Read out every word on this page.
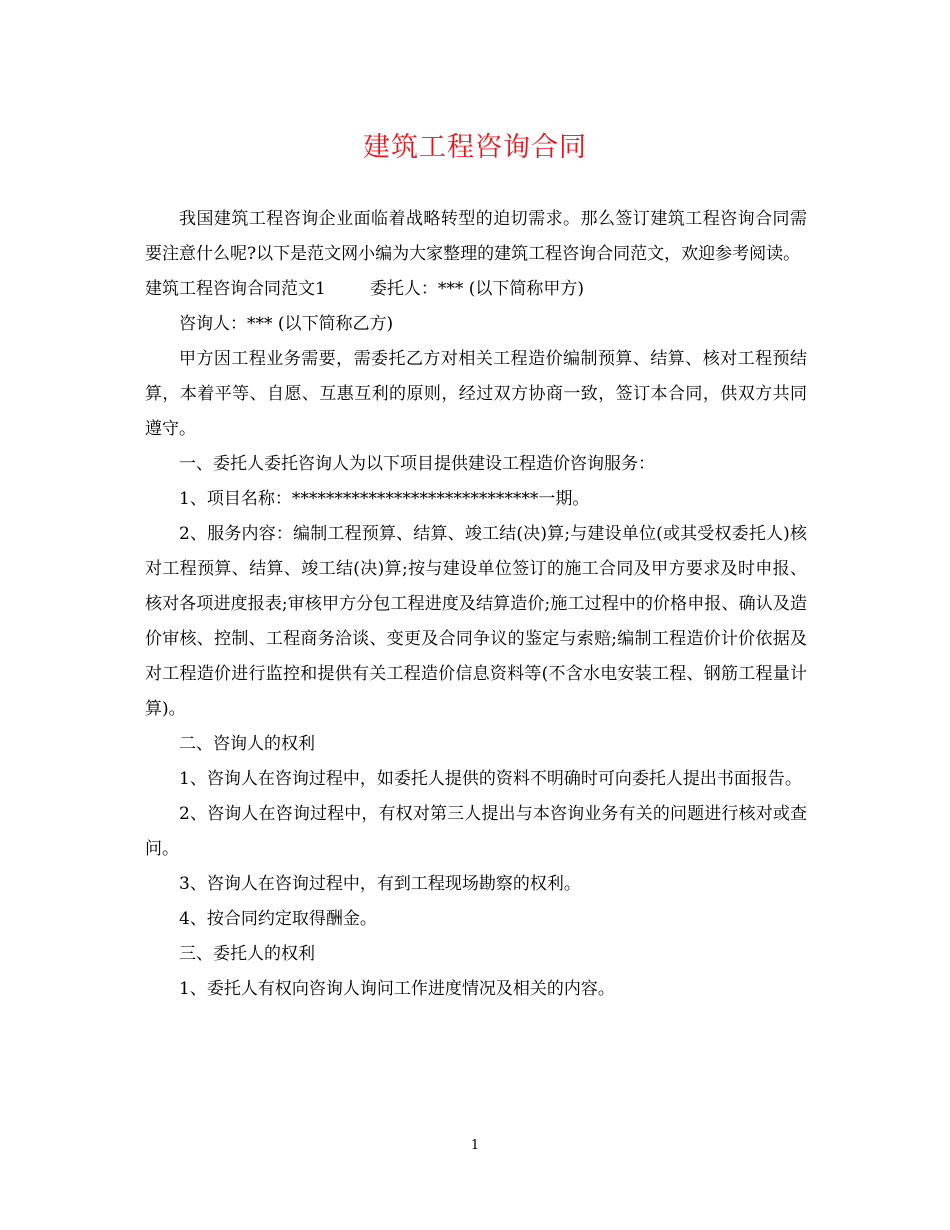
建筑工程咨询合同

我国建筑工程咨询企业面临着战略转型的迫切需求。那么签订建筑工程咨询合同需要注意什么呢?以下是范文网小编为大家整理的建筑工程咨询合同范文，欢迎参考阅读。

建筑工程咨询合同范文1	委托人：*** (以下简称甲方)

咨询人：*** (以下简称乙方)

甲方因工程业务需要，需委托乙方对相关工程造价编制预算、结算、核对工程预结算，本着平等、自愿、互惠互利的原则，经过双方协商一致，签订本合同，供双方共同遵守。

一、委托人委托咨询人为以下项目提供建设工程造价咨询服务：

1、项目名称：*****************************一期。

2、服务内容：编制工程预算、结算、竣工结(决)算;与建设单位(或其受权委托人)核对工程预算、结算、竣工结(决)算;按与建设单位签订的施工合同及甲方要求及时申报、核对各项进度报表;审核甲方分包工程进度及结算造价;施工过程中的价格申报、确认及造价审核、控制、工程商务洽谈、变更及合同争议的鉴定与索赔;编制工程造价计价依据及对工程造价进行监控和提供有关工程造价信息资料等(不含水电安装工程、钢筋工程量计算)。

二、咨询人的权利

1、咨询人在咨询过程中，如委托人提供的资料不明确时可向委托人提出书面报告。

2、咨询人在咨询过程中，有权对第三人提出与本咨询业务有关的问题进行核对或查问。

3、咨询人在咨询过程中，有到工程现场勘察的权利。

4、按合同约定取得酬金。

三、委托人的权利

1、委托人有权向咨询人询问工作进度情况及相关的内容。

1
